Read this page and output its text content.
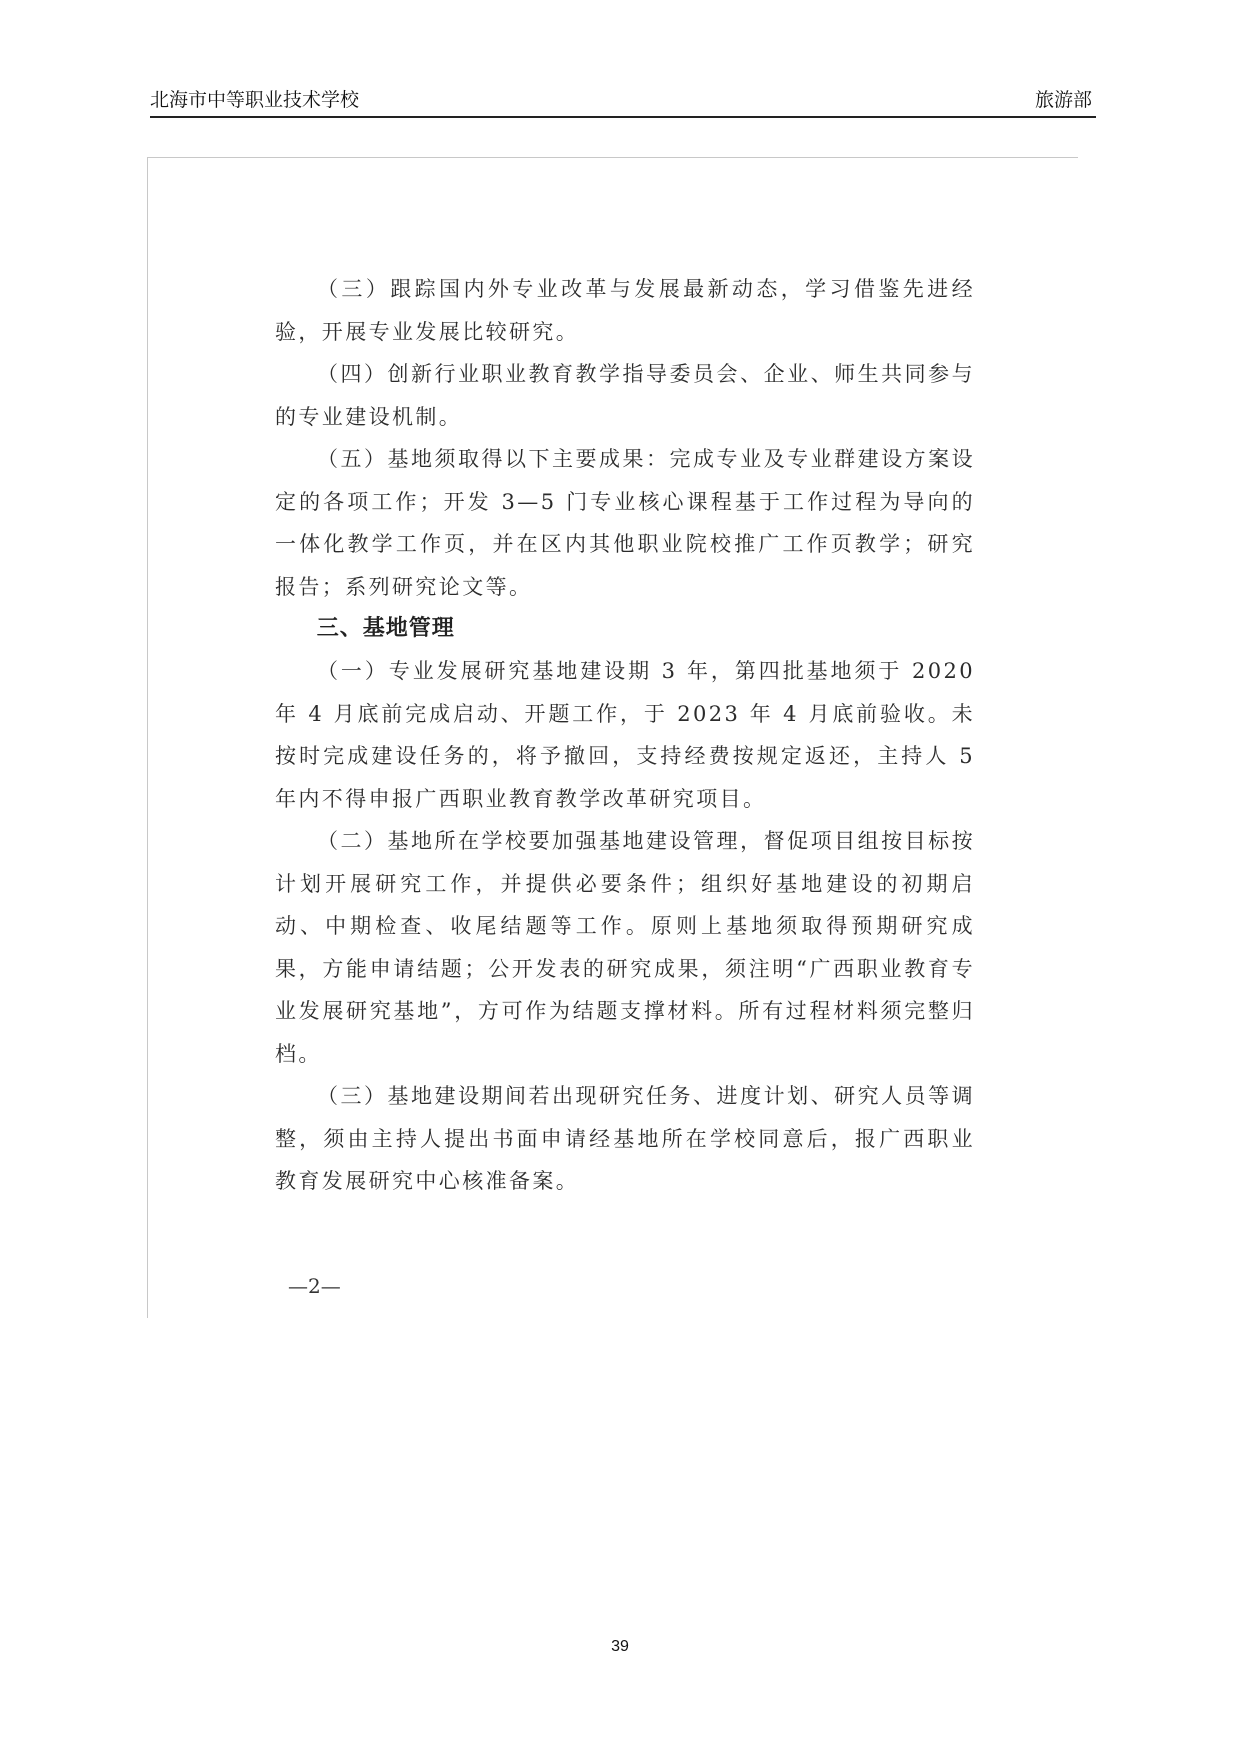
北海市中等职业技术学校	旅游部

（三）跟踪国内外专业改革与发展最新动态，学习借鉴先进经验，开展专业发展比较研究。

（四）创新行业职业教育教学指导委员会、企业、师生共同参与的专业建设机制。

（五）基地须取得以下主要成果：完成专业及专业群建设方案设定的各项工作；开发 3—5 门专业核心课程基于工作过程为导向的一体化教学工作页，并在区内其他职业院校推广工作页教学；研究报告；系列研究论文等。

三、基地管理

（一）专业发展研究基地建设期 3 年，第四批基地须于 2020 年 4 月底前完成启动、开题工作，于 2023 年 4 月底前验收。未按时完成建设任务的，将予撤回，支持经费按规定返还，主持人 5 年内不得申报广西职业教育教学改革研究项目。

（二）基地所在学校要加强基地建设管理，督促项目组按目标按计划开展研究工作，并提供必要条件；组织好基地建设的初期启动、中期检查、收尾结题等工作。原则上基地须取得预期研究成果，方能申请结题；公开发表的研究成果，须注明“广西职业教育专业发展研究基地”，方可作为结题支撑材料。所有过程材料须完整归档。

（三）基地建设期间若出现研究任务、进度计划、研究人员等调整，须由主持人提出书面申请经基地所在学校同意后，报广西职业教育发展研究中心核准备案。

—2—
39
